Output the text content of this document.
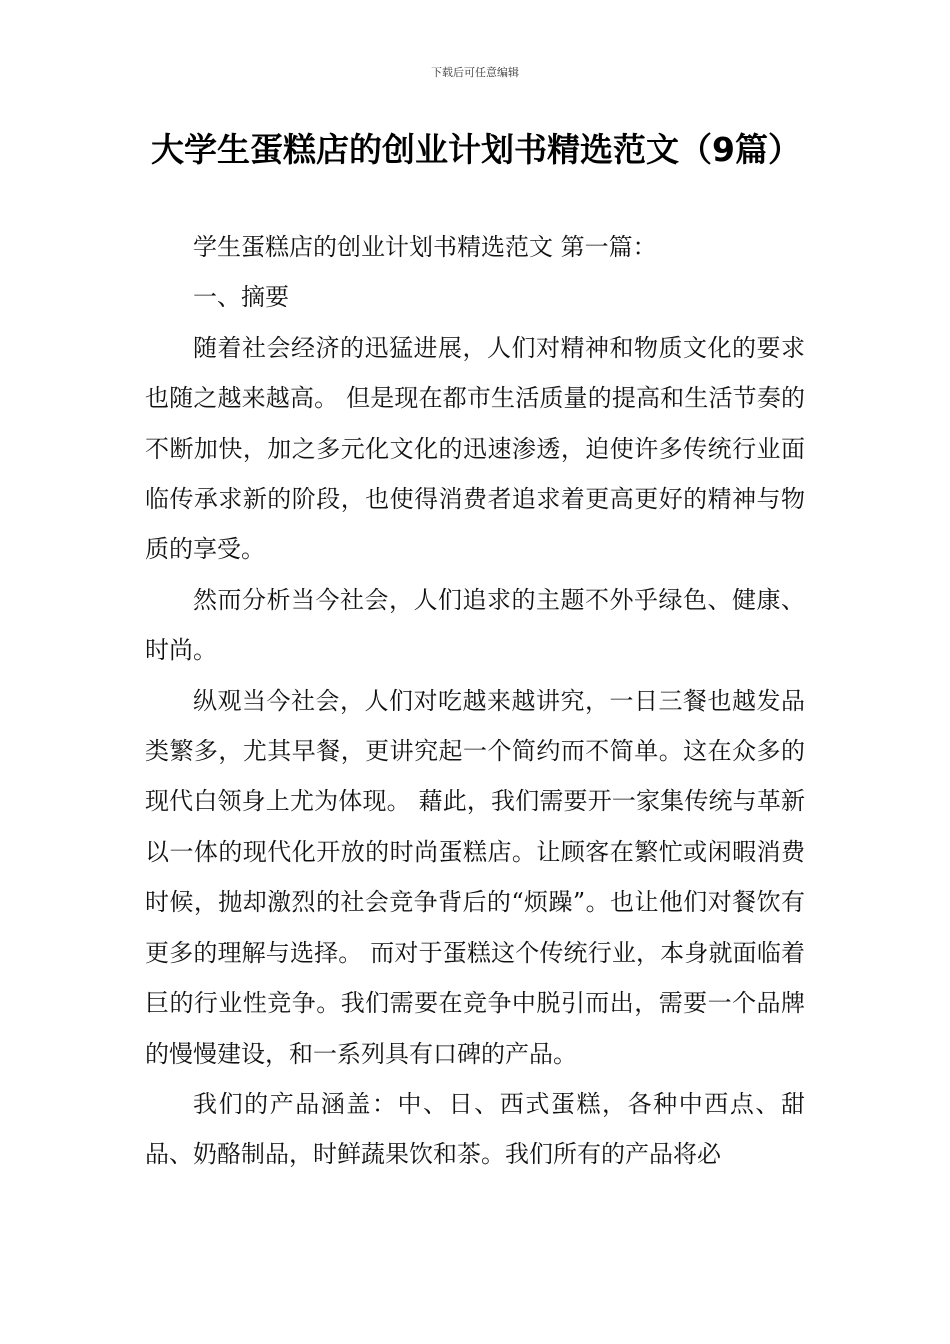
下载后可任意编辑
大学生蛋糕店的创业计划书精选范文（9篇）

学生蛋糕店的创业计划书精选范文 第一篇：

一、摘要

随着社会经济的迅猛进展，人们对精神和物质文化的要求也随之越来越高。 但是现在都市生活质量的提高和生活节奏的不断加快，加之多元化文化的迅速渗透，迫使许多传统行业面临传承求新的阶段，也使得消费者追求着更高更好的精神与物质的享受。

然而分析当今社会，人们追求的主题不外乎绿色、健康、时尚。

纵观当今社会，人们对吃越来越讲究，一日三餐也越发品类繁多，尤其早餐，更讲究起一个简约而不简单。这在众多的现代白领身上尤为体现。 藉此，我们需要开一家集传统与革新以一体的现代化开放的时尚蛋糕店。让顾客在繁忙或闲暇消费时候，抛却激烈的社会竞争背后的“烦躁”。也让他们对餐饮有更多的理解与选择。 而对于蛋糕这个传统行业，本身就面临着巨的行业性竞争。我们需要在竞争中脱引而出，需要一个品牌的慢慢建设，和一系列具有口碑的产品。

我们的产品涵盖：中、日、西式蛋糕，各种中西点、甜品、奶酪制品，时鲜蔬果饮和茶。我们所有的产品将必
